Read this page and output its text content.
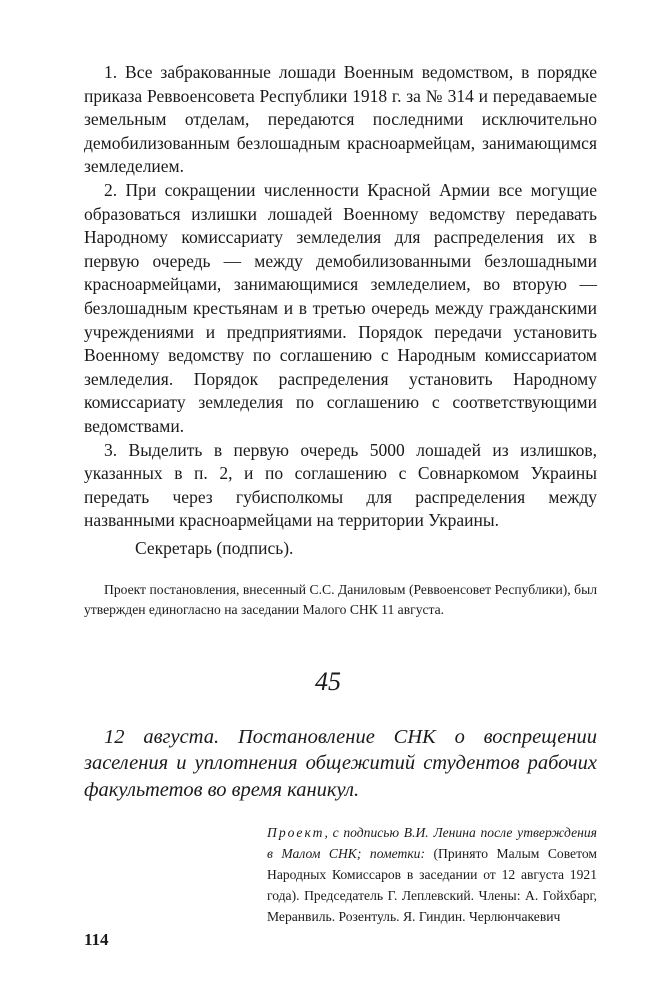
1. Все забракованные лошади Военным ведомством, в порядке приказа Реввоенсовета Республики 1918 г. за № 314 и передаваемые земельным отделам, передаются последними исключительно демобилизованным безлошадным красноармейцам, занимающимся земледелием.

2. При сокращении численности Красной Армии все могущие образоваться излишки лошадей Военному ведомству передавать Народному комиссариату земледелия для распределения их в первую очередь — между демобилизованными безлошадными красноармейцами, занимающимися земледелием, во вторую — безлошадным крестьянам и в третью очередь между гражданскими учреждениями и предприятиями. Порядок передачи установить Военному ведомству по соглашению с Народным комиссариатом земледелия. Порядок распределения установить Народному комиссариату земледелия по соглашению с соответствующими ведомствами.

3. Выделить в первую очередь 5000 лошадей из излишков, указанных в п. 2, и по соглашению с Совнаркомом Украины передать через губисполкомы для распределения между названными красноармейцами на территории Украины.

Секретарь (подпись).

Проект постановления, внесенный С.С. Даниловым (Реввоенсовет Республики), был утвержден единогласно на заседании Малого СНК 11 августа.

45

12 августа. Постановление СНК о воспрещении заселения и уплотнения общежитий студентов рабочих факультетов во время каникул.

Проект, с подписью В.И. Ленина после утверждения в Малом СНК; пометки: (Принято Малым Советом Народных Комиссаров в заседании от 12 августа 1921 года). Председатель Г. Леплевский. Члены: А. Гойхбарг, Меранвиль. Розентуль. Я. Гиндин. Черлюнчакевич

114
